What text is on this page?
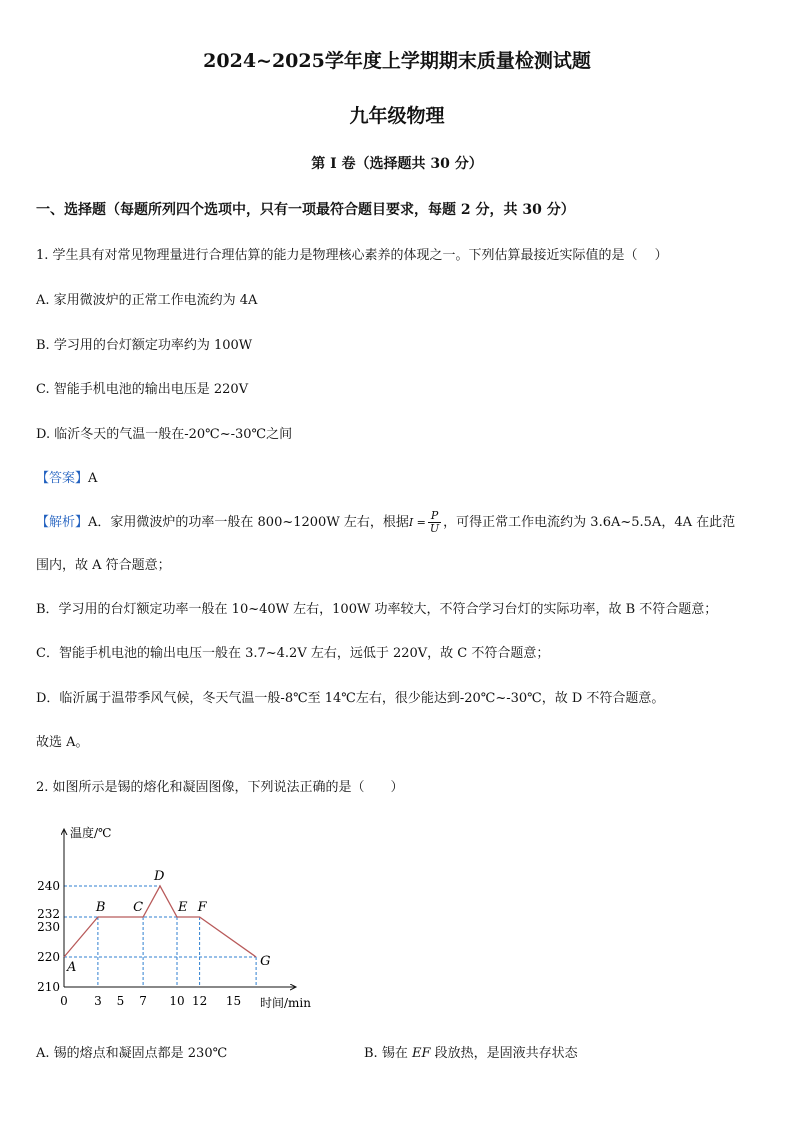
2024~2025学年度上学期期末质量检测试题
九年级物理
第 I 卷（选择题共 30 分）
一、选择题（每题所列四个选项中，只有一项最符合题目要求，每题 2 分，共 30 分）
1. 学生具有对常见物理量进行合理估算的能力是物理核心素养的体现之一。下列估算最接近实际值的是（　 ）
A. 家用微波炉的正常工作电流约为 4A
B. 学习用的台灯额定功率约为 100W
C. 智能手机电池的输出电压是 220V
D. 临沂冬天的气温一般在-20℃~-30℃之间
【答案】A
【解析】A．家用微波炉的功率一般在 800~1200W 左右，根据$I = \frac{P}{U}$ ，可得正常工作电流约为 3.6A~5.5A，4A 在此范
围内，故 A 符合题意；
B．学习用的台灯额定功率一般在 10~40W 左右，100W 功率较大，不符合学习台灯的实际功率，故 B 不符合题意；
C．智能手机电池的输出电压一般在 3.7~4.2V 左右，远低于 220V，故 C 不符合题意；
D．临沂属于温带季风气候，冬天气温一般-8℃至 14℃左右，很少能达到-20℃~-30℃，故 D 不符合题意。
故选 A。
2. 如图所示是锡的熔化和凝固图像，下列说法正确的是（　　）
温度/℃
时间/min
0 3 5 7 10 12 15
210
220
230
232
240
A
B C
D
E F
G
A. 锡的熔点和凝固点都是 230℃	B. 锡在 EF 段放热，是固液共存状态
